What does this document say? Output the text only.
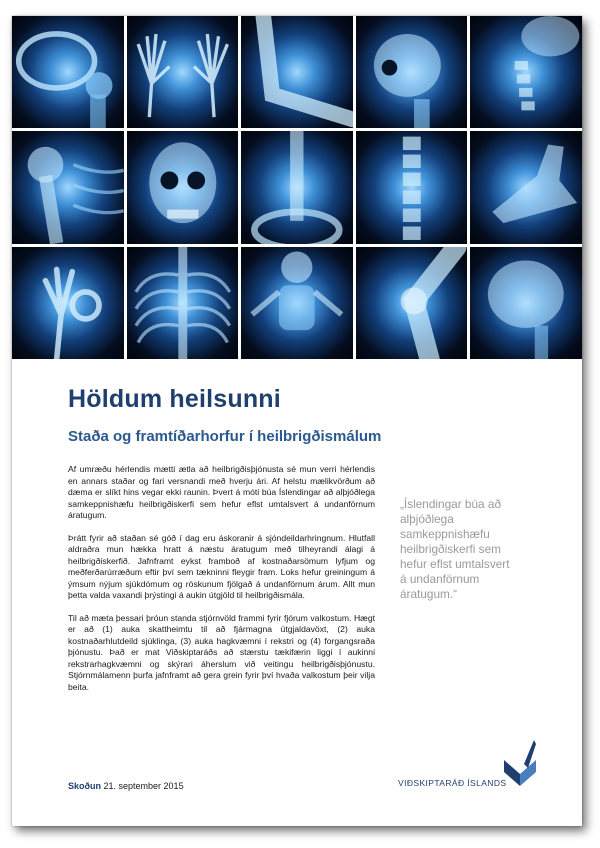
Höldum heilsunni
Staða og framtíðarhorfur í heilbrigðismálum

Af umræðu hérlendis mætti ætla að heilbrigðisþjónusta sé mun verri hérlendis en annars staðar og fari versnandi með hverju ári. Af helstu mælikvörðum að dæma er slíkt hins vegar ekki raunin. Þvert á móti búa Íslendingar að alþjóðlega samkeppnishæfu heilbrigðiskerfi sem hefur eflst umtalsvert á undanförnum áratugum.

Þrátt fyrir að staðan sé góð í dag eru áskoranir á sjóndeildarhringnum. Hlutfall aldraðra mun hækka hratt á næstu áratugum með tilheyrandi álagi á heilbrigðiskerfið. Jafnframt eykst framboð af kostnaðarsömum lyfjum og meðferðarúrræðum eftir því sem tækninni fleygir fram. Loks hefur greiningum á ýmsum nýjum sjúkdómum og röskunum fjölgað á undanförnum árum. Allt mun þetta valda vaxandi þrýstingi á aukin útgjöld til heilbrigðismála.

Til að mæta þessari þróun standa stjórnvöld frammi fyrir fjórum valkostum. Hægt er að (1) auka skattheimtu til að fjármagna útgjaldavöxt, (2) auka kostnaðarhlutdeild sjúklinga, (3) auka hagkvæmni í rekstri og (4) forgangsraða þjónustu. Það er mat Viðskiptaráðs að stærstu tækifærin liggi í aukinni rekstrarhagkvæmni og skýrari áherslum við veitingu heilbrigðisþjónustu. Stjórnmálamenn þurfa jafnframt að gera grein fyrir því hvaða valkostum þeir vilja beita.

„Íslendingar búa að alþjóðlega samkeppnishæfu heilbrigðiskerfi sem hefur eflst umtalsvert á undanförnum áratugum.“
Skoðun 21. september 2015	VIÐSKIPTARÁÐ ÍSLANDS
